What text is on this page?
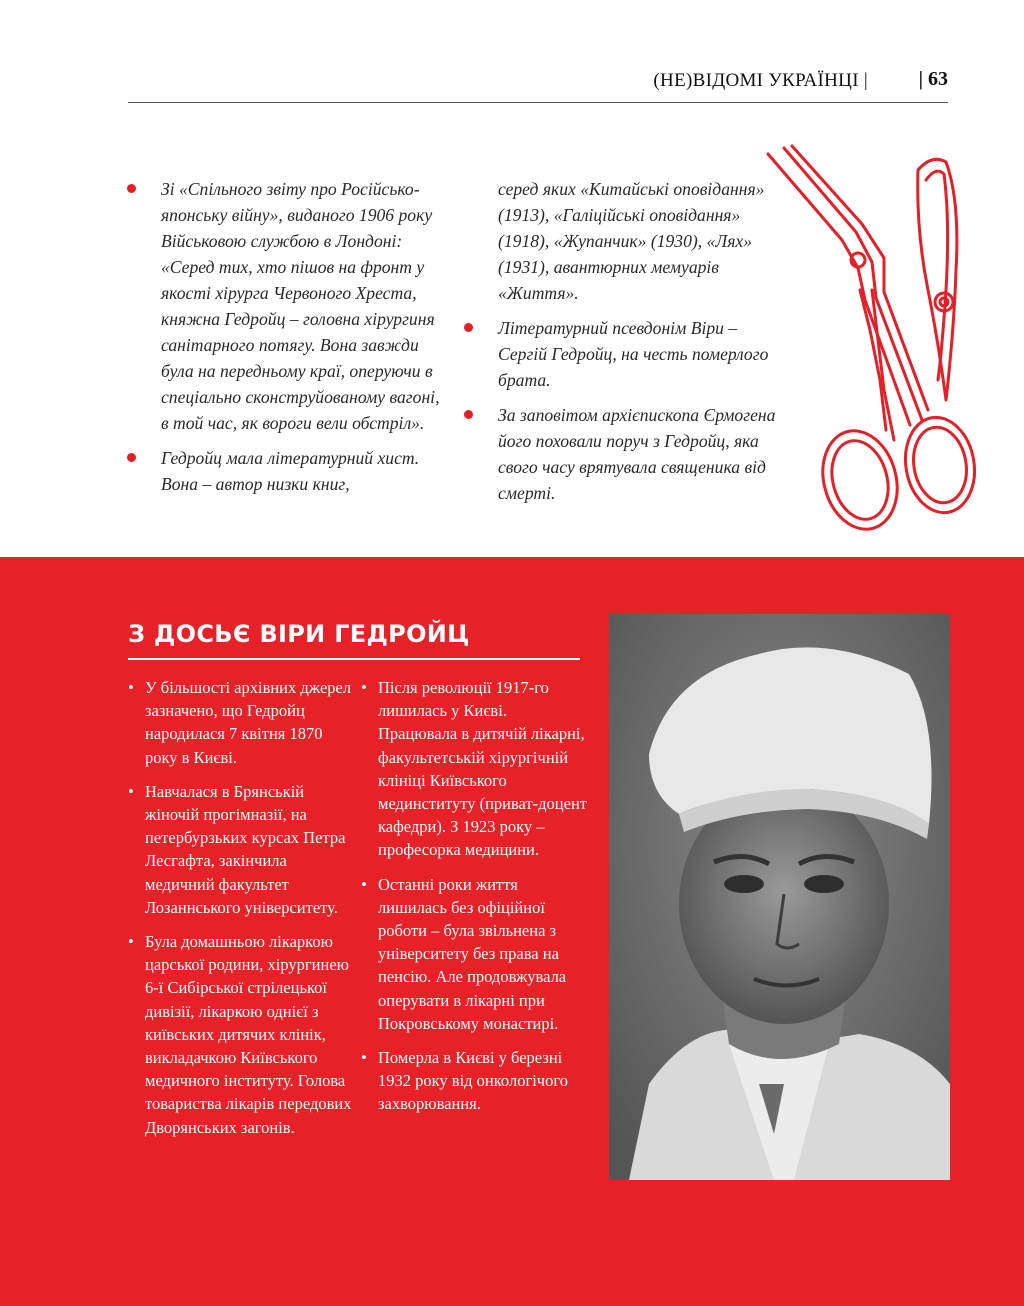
(НЕ)ВІДОМІ УКРАЇНЦІ |	| 63
Зі «Спільного звіту про Російсько-японську війну», виданого 1906 року Військовою службою в Лондоні: «Серед тих, хто пішов на фронт у якості хірурга Червоного Хреста, княжна Гедройц – головна хірургиня санітарного потягу. Вона завжди була на передньому краї, оперуючи в спеціально сконструйованому вагоні, в той час, як вороги вели обстріл».
Гедройц мала літературний хист. Вона – автор низки книг,
серед яких «Китайські оповідання» (1913), «Галіційські оповідання» (1918), «Жупанчик» (1930), «Лях» (1931), авантюрних мемуарів «Життя».
Літературний псевдонім Віри – Сергій Гедройц, на честь померлого брата.
За заповітом архієпископа Єрмогена його поховали поруч з Гедройц, яка свого часу врятувала священика від смерті.
З ДОСЬЄ ВІРИ ГЕДРОЙЦ
• У більшості архівних джерел зазначено, що Гедройц народилася 7 квітня 1870 року в Києві.
• Навчалася в Брянській жіночій прогімназії, на петербурзьких курсах Петра Лесгафта, закінчила медичний факультет Лозаннського університету.
• Була домашньою лікаркою царської родини, хірургинею 6-ї Сибірської стрілецької дивізії, лікаркою однієї з київських дитячих клінік, викладачкою Київського медичного інституту. Голова товариства лікарів передових Дворянських загонів.
• Після революції 1917-го лишилась у Києві. Працювала в дитячій лікарні, факультетській хірургічній клініці Київського мединституту (приват-доцент кафедри). З 1923 року – професорка медицини.
• Останні роки життя лишилась без офіційної роботи – була звільнена з університету без права на пенсію. Але продовжувала оперувати в лікарні при Покровському монастирі.
• Померла в Києві у березні 1932 року від онкологічого захворювання.
